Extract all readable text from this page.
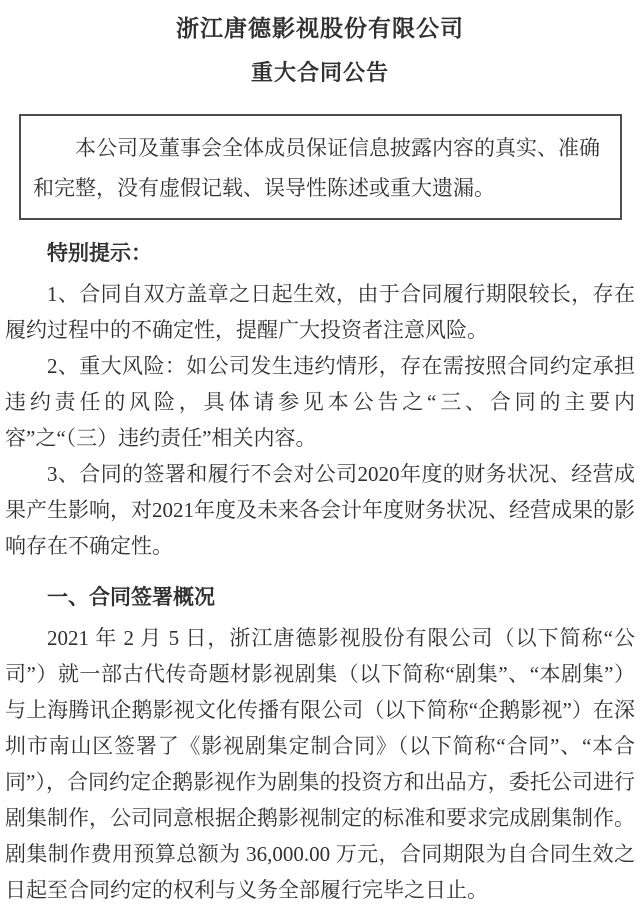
浙江唐德影视股份有限公司
重大合同公告
本公司及董事会全体成员保证信息披露内容的真实、准确和完整，没有虚假记载、误导性陈述或重大遗漏。
特别提示：

1、合同自双方盖章之日起生效，由于合同履行期限较长，存在履约过程中的不确定性，提醒广大投资者注意风险。

2、重大风险：如公司发生违约情形，存在需按照合同约定承担违约责任的风险，具体请参见本公告之“三、合同的主要内容”之“（三）违约责任”相关内容。

3、合同的签署和履行不会对公司2020年度的财务状况、经营成果产生影响，对2021年度及未来各会计年度财务状况、经营成果的影响存在不确定性。

一、合同签署概况

2021 年 2 月 5 日，浙江唐德影视股份有限公司（以下简称“公司”）就一部古代传奇题材影视剧集（以下简称“剧集”、“本剧集”）与上海腾讯企鹅影视文化传播有限公司（以下简称“企鹅影视”）在深圳市南山区签署了《影视剧集定制合同》（以下简称“合同”、“本合同”），合同约定企鹅影视作为剧集的投资方和出品方，委托公司进行剧集制作，公司同意根据企鹅影视制定的标准和要求完成剧集制作。剧集制作费用预算总额为 36,000.00 万元，合同期限为自合同生效之日起至合同约定的权利与义务全部履行完毕之日止。
